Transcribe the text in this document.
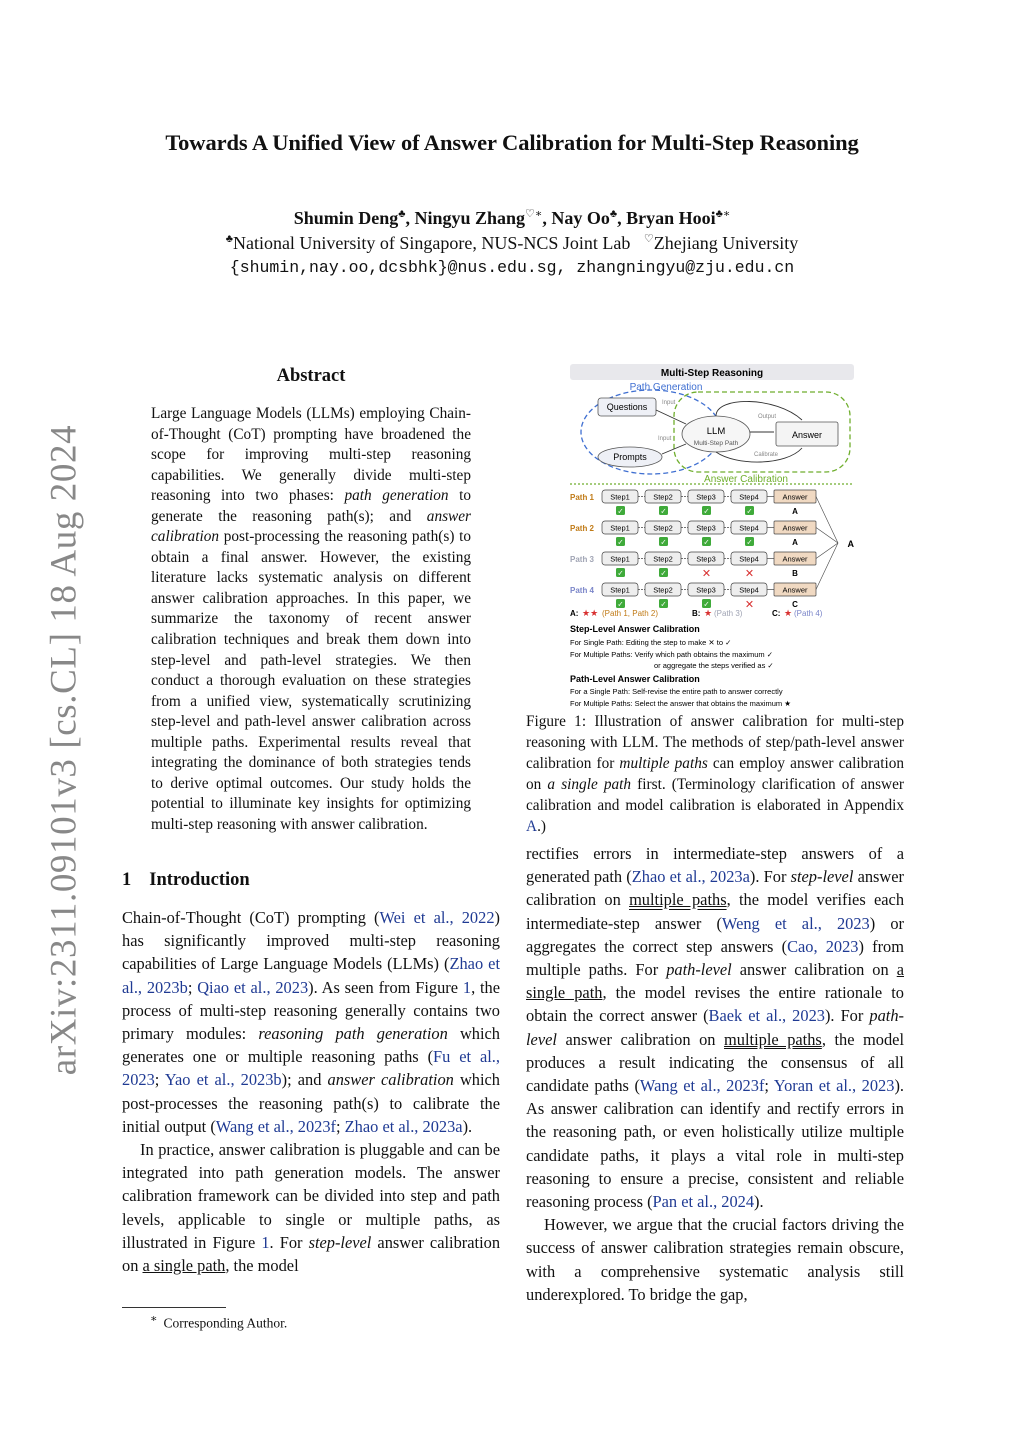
Towards A Unified View of Answer Calibration for Multi-Step Reasoning
Shumin Deng♣, Ningyu Zhang♡∗, Nay Oo♣, Bryan Hooi♣∗
♣National University of Singapore, NUS-NCS Joint Lab ♡Zhejiang University
{shumin,nay.oo,dcsbhk}@nus.edu.sg, zhangningyu@zju.edu.cn
arXiv:2311.09101v3 [cs.CL] 18 Aug 2024
Abstract
Large Language Models (LLMs) employing Chain-of-Thought (CoT) prompting have broadened the scope for improving multi-step reasoning capabilities. We generally divide multi-step reasoning into two phases: path generation to generate the reasoning path(s); and answer calibration post-processing the reasoning path(s) to obtain a final answer. However, the existing literature lacks systematic analysis on different answer calibration approaches. In this paper, we summarize the taxonomy of recent answer calibration techniques and break them down into step-level and path-level strategies. We then conduct a thorough evaluation on these strategies from a unified view, systematically scrutinizing step-level and path-level answer calibration across multiple paths. Experimental results reveal that integrating the dominance of both strategies tends to derive optimal outcomes. Our study holds the potential to illuminate key insights for optimizing multi-step reasoning with answer calibration.
1 Introduction

Chain-of-Thought (CoT) prompting (Wei et al., 2022) has significantly improved multi-step reasoning capabilities of Large Language Models (LLMs) (Zhao et al., 2023b; Qiao et al., 2023). As seen from Figure 1, the process of multi-step reasoning generally contains two primary modules: reasoning path generation which generates one or multiple reasoning paths (Fu et al., 2023; Yao et al., 2023b); and answer calibration which post-processes the reasoning path(s) to calibrate the initial output (Wang et al., 2023f; Zhao et al., 2023a).

In practice, answer calibration is pluggable and can be integrated into path generation models. The answer calibration framework can be divided into step and path levels, applicable to single or multiple paths, as illustrated in Figure 1. For step-level answer calibration on a single path, the model

∗ Corresponding Author.
Multi-Step Reasoning
Path Generation
Questions
Prompts
LLM
Multi-Step Path
Answer
Input
Input
Output
Calibrate
Answer Calibration
Path 1 Step1
✓
Step2
✓
Step3
✓
Step4
✓
Answer
A
Path 2 Step1
✓
Step2
✓
Step3
✓
Step4
✓
Answer
A
Path 3 Step1
✓
Step2
✓
Step3
✕
Step4
✕
Answer
B
Path 4 Step1
✓
Step2
✓
Step3
✓
Step4
✕
Answer
C
A
A: ★★ (Path 1, Path 2)	B: ★ (Path 3)	C: ★ (Path 4)
Step-Level Answer Calibration
For Single Path: Editing the step to make ✕ to ✓
For Multiple Paths: Verify which path obtains the maximum ✓
or aggregate the steps verified as ✓
Path-Level Answer Calibration
For a Single Path: Self-revise the entire path to answer correctly
For Multiple Paths: Select the answer that obtains the maximum ★
Figure 1: Illustration of answer calibration for multi-step reasoning with LLM. The methods of step/path-level answer calibration for multiple paths can employ answer calibration on a single path first. (Terminology clarification of answer calibration and model calibration is elaborated in Appendix A.)

rectifies errors in intermediate-step answers of a generated path (Zhao et al., 2023a). For step-level answer calibration on multiple paths, the model verifies each intermediate-step answer (Weng et al., 2023) or aggregates the correct step answers (Cao, 2023) from multiple paths. For path-level answer calibration on a single path, the model revises the entire rationale to obtain the correct answer (Baek et al., 2023). For path-level answer calibration on multiple paths, the model produces a result indicating the consensus of all candidate paths (Wang et al., 2023f; Yoran et al., 2023). As answer calibration can identify and rectify errors in the reasoning path, or even holistically utilize multiple candidate paths, it plays a vital role in multi-step reasoning to ensure a precise, consistent and reliable reasoning process (Pan et al., 2024).

However, we argue that the crucial factors driving the success of answer calibration strategies remain obscure, with a comprehensive systematic analysis still underexplored. To bridge the gap,
